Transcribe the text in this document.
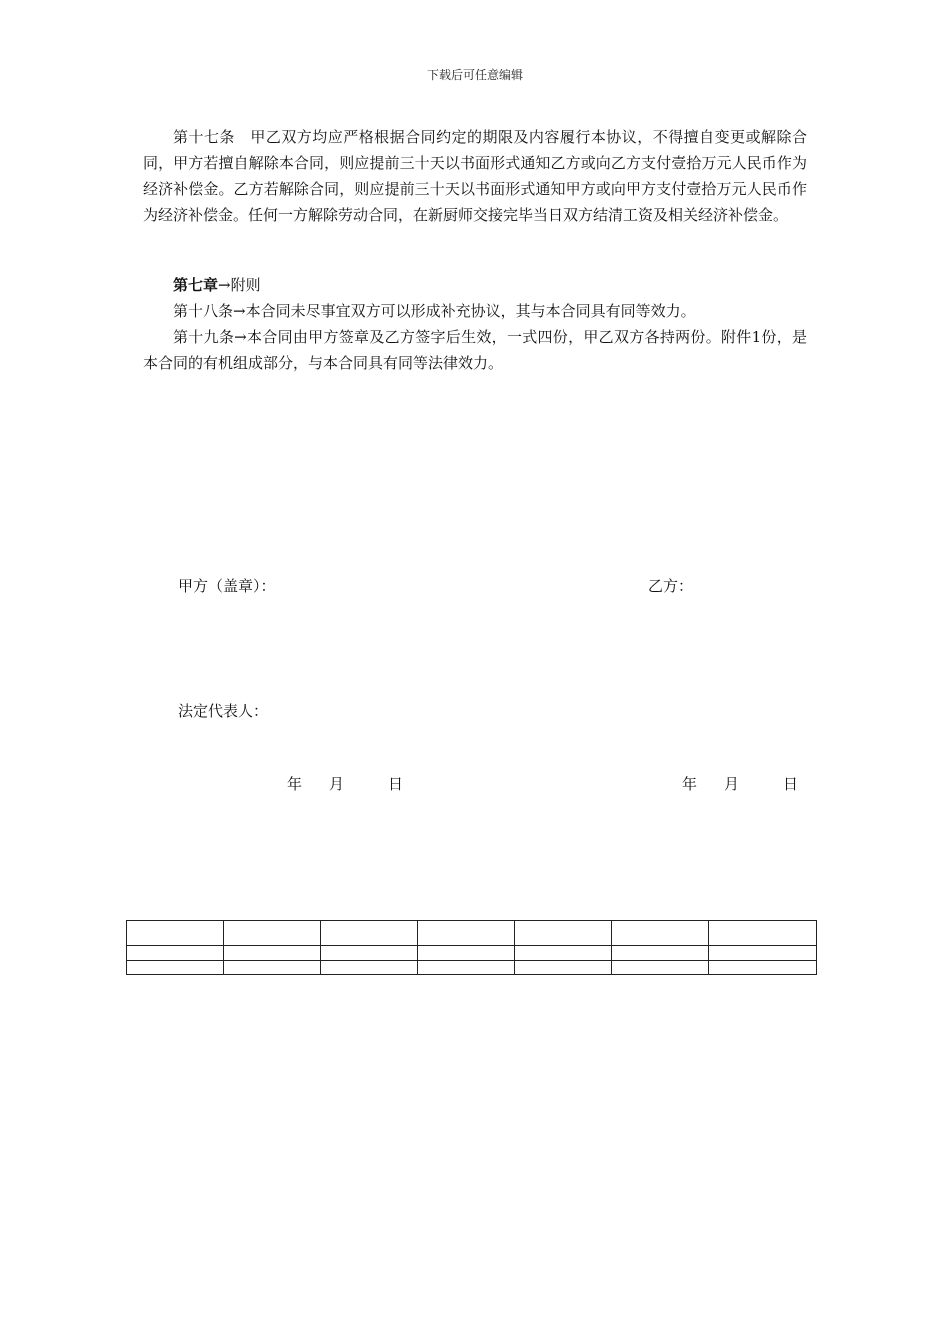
下载后可任意编辑

第十七条　甲乙双方均应严格根据合同约定的期限及内容履行本协议，不得擅自变更或解除合同，甲方若擅自解除本合同，则应提前三十天以书面形式通知乙方或向乙方支付壹拾万元人民币作为经济补偿金。乙方若解除合同，则应提前三十天以书面形式通知甲方或向甲方支付壹拾万元人民币作为经济补偿金。任何一方解除劳动合同，在新厨师交接完毕当日双方结清工资及相关经济补偿金。

第七章→附则

第十八条→本合同未尽事宜双方可以形成补充协议，其与本合同具有同等效力。

第十九条→本合同由甲方签章及乙方签字后生效，一式四份，甲乙双方各持两份。附件1份，是本合同的有机组成部分，与本合同具有同等法律效力。

甲方（盖章）：	乙方：
法定代表人：
年 月	日	年 月	日
